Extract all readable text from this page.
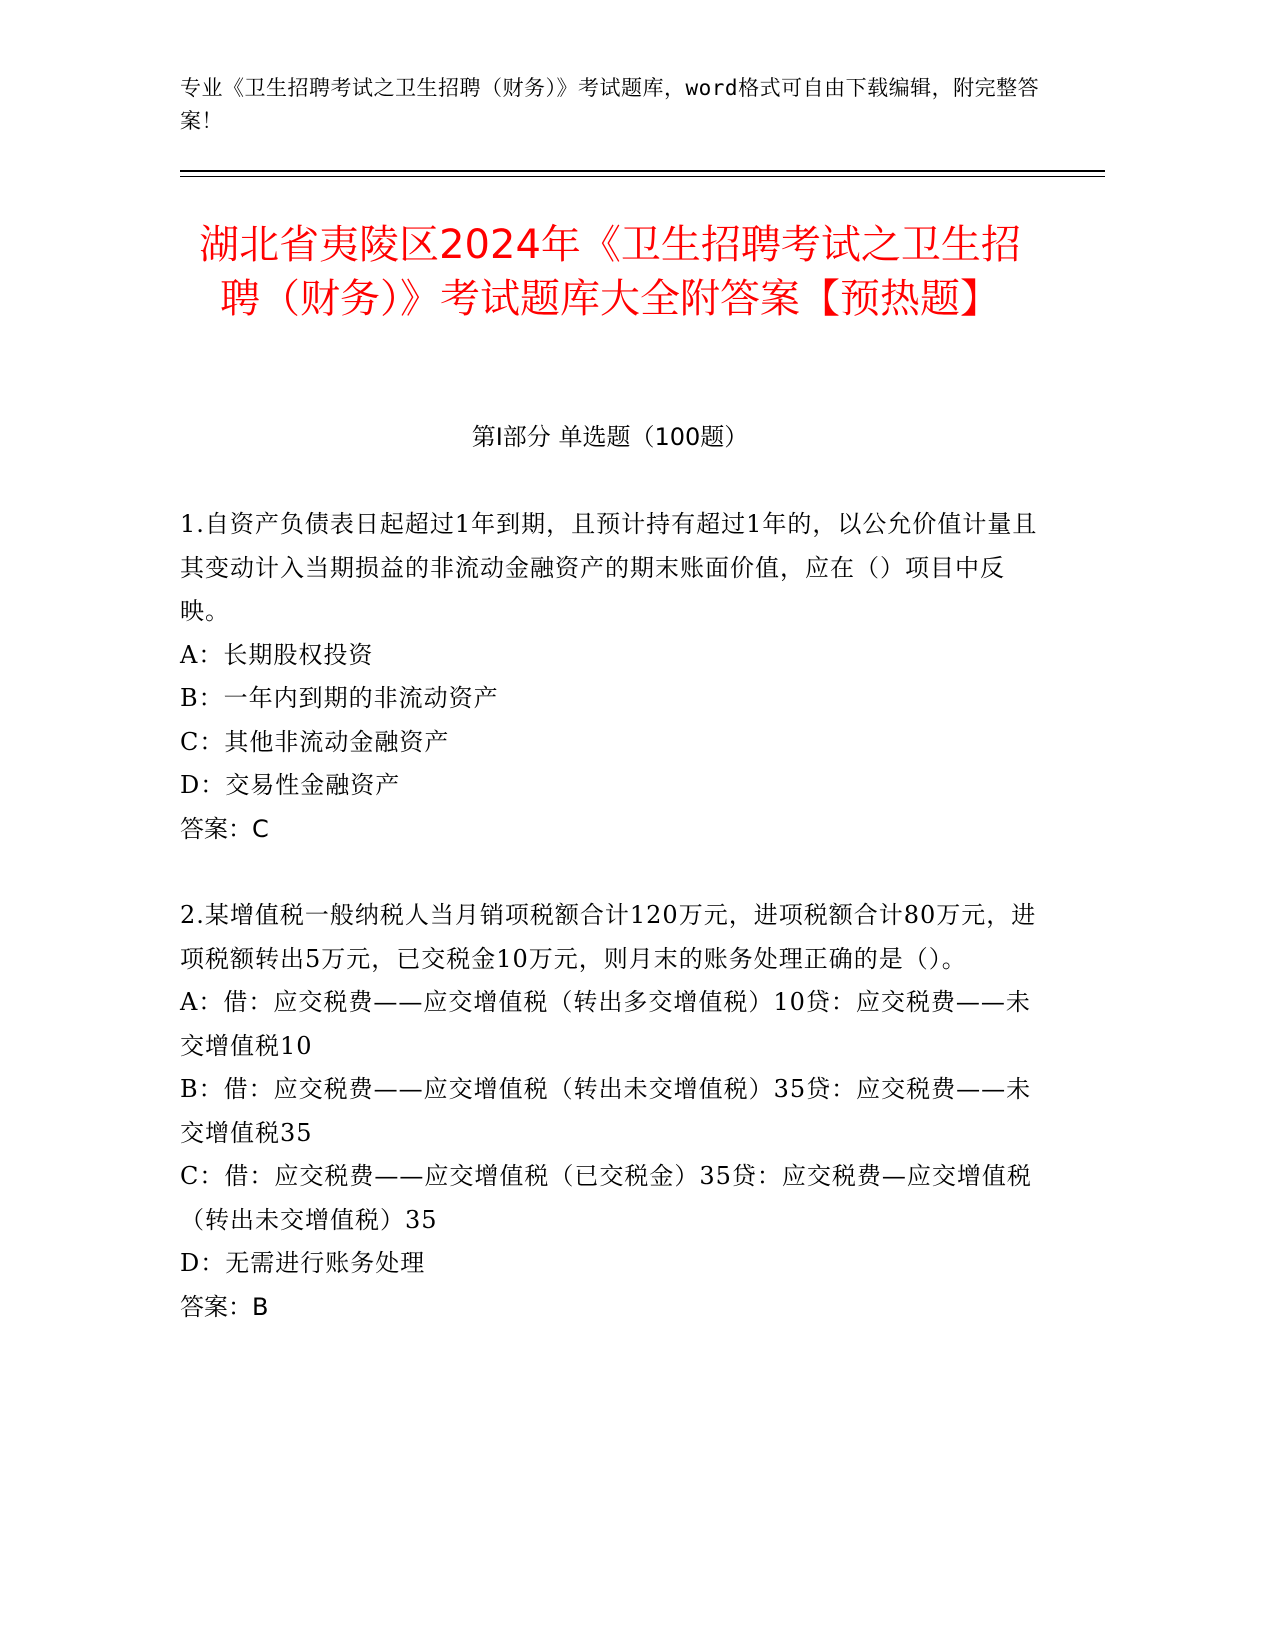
专业《卫生招聘考试之卫生招聘（财务）》考试题库，word格式可自由下载编辑，附完整答案！
湖北省夷陵区2024年《卫生招聘考试之卫生招聘（财务）》考试题库大全附答案【预热题】
第I部分 单选题（100题）

1.自资产负债表日起超过1年到期，且预计持有超过1年的，以公允价值计量且其变动计入当期损益的非流动金融资产的期末账面价值，应在（）项目中反映。

A：长期股权投资

B：一年内到期的非流动资产

C：其他非流动金融资产

D：交易性金融资产

答案：C

2.某增值税一般纳税人当月销项税额合计120万元，进项税额合计80万元，进项税额转出5万元，已交税金10万元，则月末的账务处理正确的是（）。

A：借：应交税费——应交增值税（转出多交增值税）10贷：应交税费——未交增值税10

B：借：应交税费——应交增值税（转出未交增值税）35贷：应交税费——未交增值税35

C：借：应交税费——应交增值税（已交税金）35贷：应交税费—应交增值税（转出未交增值税）35

D：无需进行账务处理

答案：B
